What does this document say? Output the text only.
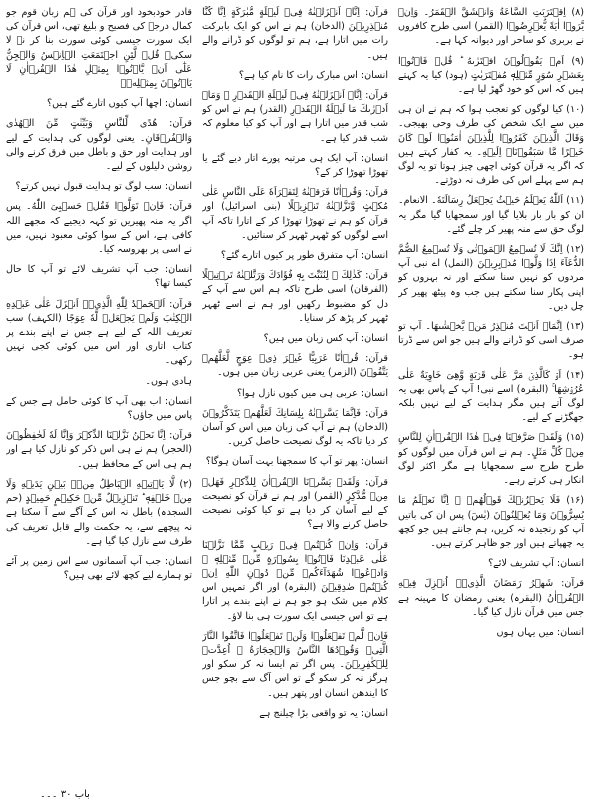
(۸) اِقۡتَرَبَتِ السَّاعَةُ وَانۡشَقَّ الۡقَمَرُ۔ وَاِنۡ يَّرَوۡا اٰيَةً يُّعۡرِضُوۡا (القمر) اسی طرح کافروں نے بربری کو ساحر اور دیوانہ کہا ہے۔

(۹) اَمۡ يَقُوۡلُوۡنَ افۡتَرٰىهُ ؕ قُلۡ فَاۡتُوۡا بِعَشۡرِ سُوَرٍ مِّثۡلِهٖ مُفۡتَرَيٰتٍ (ہود) کیا یہ کہتے ہیں کہ اس کو خود گھڑ لیا ہے۔

(۱۰) کیا لوگوں کو تعجب ہوا کہ ہم نے ان ہی میں سے ایک شخص کی طرف وحی بھیجی۔ وَقَالَ الَّذِيۡنَ كَفَرُوۡا لِلَّذِيۡنَ اٰمَنُوۡا لَوۡ كَانَ خَيۡرًا مَّا سَبَقُوۡنَاۤ اِلَيۡهِ۔ یہ کفار کہتے ہیں کہ اگر یہ قرآن کوئی اچھی چیز ہوتا تو یہ لوگ ہم سے پہلے اس کی طرف نہ دوڑتے۔

(۱۱) اَللّٰهُ يَعۡلَمُ حَيۡثُ يَجۡعَلُ رِسَالَتَهٗ۔ الانعام۔ ان کو بار بار بلایا گیا اور سمجھایا گیا مگر یہ لوگ حق سے منہ پھیر کر چلے گئے۔

(۱۲) اِنَّكَ لَا تُسۡمِعُ الۡمَوۡتٰى وَلَا تُسۡمِعُ الصُّمَّ الدُّعَآءَ اِذَا وَلَّوۡا مُدۡبِرِيۡنَ (النمل) اے نبی آپ مردوں کو نہیں سنا سکتے اور نہ بہروں کو اپنی پکار سنا سکتے ہیں جب وہ پیٹھ پھیر کر چل دیں۔

(۱۳) اِنَّمَاۤ اَنۡتَ مُنۡذِرُ مَنۡ يَّخۡشٰٮهَا۔ آپ تو صرف اسی کو ڈرانے والے ہیں جو اس سے ڈرتا ہو۔

(۱۴) اَوۡ كَالَّذِىۡ مَرَّ عَلٰى قَرۡيَةٍ وَّهِىَ خَاوِيَةٌ عَلٰى عُرُوۡشِهَا ۚ (البقرہ) اسے نبی! آپ کے پاس بھی یہ لوگ آتے ہیں مگر ہدایت کے لیے نہیں بلکہ جھگڑنے کے لیے۔

(۱۵) وَلَقَدۡ صَرَّفۡنَا فِىۡ هٰذَا الۡقُرۡاٰنِ لِلنَّاسِ مِنۡ كُلِّ مَثَلٍ۔ ہم نے اس قرآن میں لوگوں کو طرح طرح سے سمجھایا ہے مگر اکثر لوگ انکار ہی کرتے رہے۔

(۱۶) فَلَا يَحۡزُنۡكَ قَوۡلُهُمۡ ۘ اِنَّا نَعۡلَمُ مَا يُسِرُّوۡنَ وَمَا يُعۡلِنُوۡنَ (یٰسٓ) پس ان کی باتیں آپ کو رنجیدہ نہ کریں، ہم جانتے ہیں جو کچھ یہ چھپاتے ہیں اور جو ظاہر کرتے ہیں۔

انسان: آپ تشریف لائے؟

قرآن: شَهۡرُ رَمَضَانَ الَّذِىۡۤ اُنۡزِلَ فِيۡهِ الۡقُرۡاٰنُ (البقرہ) یعنی رمضان کا مہینہ ہے جس میں قرآن نازل کیا گیا۔

انسان: میں یہاں ہوں

قرآن: اِنَّاۤ اَنۡزَلۡنٰهُ فِىۡ لَيۡلَةٍ مُّبٰرَكَةٍ اِنَّا كُنَّا مُنۡذِرِيۡنَ (الدخان) ہم نے اس کو ایک بابرکت رات میں اتارا ہے، ہم تو لوگوں کو ڈرانے والے ہیں۔

انسان: اس مبارک رات کا نام کیا ہے؟

قرآن: اِنَّاۤ اَنۡزَلۡنٰهُ فِىۡ لَيۡلَةِ الۡقَدۡرِ ۚ وَمَاۤ اَدۡرٰٮكَ مَا لَيۡلَةُ الۡقَدۡرِ (القدر) ہم نے اس کو شب قدر میں اتارا ہے اور آپ کو کیا معلوم کہ شب قدر کیا ہے۔

انسان: آپ ایک ہی مرتبہ پورے اتار دیے گئے یا تھوڑا تھوڑا کر کے؟

قرآن: وَقُرۡاٰنًا فَرَقۡنٰهُ لِتَقۡرَاَهٗ عَلَى النَّاسِ عَلٰى مُكۡثٍ وَّنَزَّلۡنٰهُ تَنۡزِيۡلًا (بنی اسرائیل) اور قرآن کو ہم نے تھوڑا تھوڑا کر کے اتارا تاکہ آپ اسے لوگوں کو ٹھہر ٹھہر کر سنائیں۔

انسان: آپ متفرق طور پر کیوں اتارے گئے؟

قرآن: كَذٰلِكَ ۚ لِنُثَبِّتَ بِهٖ فُؤَادَكَ وَرَتَّلۡنٰهُ تَرۡتِيۡلًا (الفرقان) اسی طرح تاکہ ہم اس سے آپ کے دل کو مضبوط رکھیں اور ہم نے اسے ٹھہر ٹھہر کر پڑھ کر سنایا۔

انسان: آپ کس زبان میں ہیں؟

قرآن: قُرۡاٰنًا عَرَبِيًّا غَيۡرَ ذِىۡ عِوَجٍ لَّعَلَّهُمۡ يَتَّقُوۡنَ (الزمر) یعنی عربی زبان میں ہوں۔

انسان: عربی ہی میں کیوں نازل ہوا؟

قرآن: فَاِنَّمَا يَسَّرۡنٰهُ بِلِسَانِكَ لَعَلَّهُمۡ يَتَذَكَّرُوۡنَ (الدخان) ہم نے آپ کی زبان میں اس کو آسان کر دیا تاکہ یہ لوگ نصیحت حاصل کریں۔

انسان: پھر تو آپ کا سمجھنا بہت آسان ہوگا؟

قرآن: وَلَقَدۡ يَسَّرۡنَا الۡقُرۡاٰنَ لِلذِّكۡرِ فَهَلۡ مِنۡ مُّدَّكِرٍ (القمر) اور ہم نے قرآن کو نصیحت کے لیے آسان کر دیا ہے تو کیا کوئی نصیحت حاصل کرنے والا ہے؟

قرآن: وَاِنۡ كُنۡتُمۡ فِىۡ رَيۡبٍ مِّمَّا نَزَّلۡنَا عَلٰى عَبۡدِنَا فَاۡتُوۡا بِسُوۡرَةٍ مِّنۡ مِّثۡلِهٖ ۖ وَادۡعُوۡا شُهَدَآءَكُمۡ مِّنۡ دُوۡنِ اللّٰهِ اِنۡ كُنۡتُمۡ صٰدِقِيۡنَ (البقرہ) اور اگر تمہیں اس کلام میں شک ہو جو ہم نے اپنے بندے پر اتارا ہے تو اس جیسی ایک سورت ہی بنا لاؤ۔

فَاِنۡ لَّمۡ تَفۡعَلُوۡا وَلَنۡ تَفۡعَلُوۡا فَاتَّقُوا النَّارَ الَّتِىۡ وَقُوۡدُهَا النَّاسُ وَالۡحِجَارَةُ ۖ اُعِدَّتۡ لِلۡكٰفِرِيۡنَ۔ پس اگر تم ایسا نہ کر سکو اور ہرگز نہ کر سکو گے تو اس آگ سے بچو جس کا ایندھن انسان اور پتھر ہیں۔

انسان: یہ تو واقعی بڑا چیلنج ہے

قادر خودبخود اور قرآن کی ہم زبان قوم جو کمال درجہ کی فصیح و بلیغ تھی، اس قرآن کی ایک سورت جیسی کوئی سورت بنا کر نہ لا سکی۔ قُلۡ لَّئِنِ اجۡتَمَعَتِ الۡاِنۡسُ وَالۡجِنُّ عَلٰٓى اَنۡ يَّاۡتُوۡا بِمِثۡلِ هٰذَا الۡقُرۡاٰنِ لَا يَاۡتُوۡنَ بِمِثۡلِهٖ۔

انسان: اچھا آپ کیوں اتارے گئے ہیں؟

قرآن: هُدًى لِّلنَّاسِ وَبَيِّنٰتٍ مِّنَ الۡهُدٰى وَالۡفُرۡقَانِ۔ یعنی لوگوں کی ہدایت کے لیے اور ہدایت اور حق و باطل میں فرق کرنے والی روشن دلیلوں کے لیے۔

انسان: سب لوگ تو ہدایت قبول نہیں کرتے؟

قرآن: فَاِنۡ تَوَلَّوۡا فَقُلۡ حَسۡبِىَ اللّٰهُ۔ پس اگر یہ منہ پھیریں تو کہہ دیجیے کہ مجھے اللہ کافی ہے، اس کے سوا کوئی معبود نہیں، میں نے اسی پر بھروسہ کیا۔

انسان: جب آپ تشریف لائے تو آپ کا حال کیسا تھا؟

قرآن: اَلۡحَمۡدُ لِلّٰهِ الَّذِىۡۤ اَنۡزَلَ عَلٰى عَبۡدِهِ الۡكِتٰبَ وَلَمۡ يَجۡعَلۡ لَّهٗ عِوَجًا (الکہف) سب تعریف اللہ کے لیے ہے جس نے اپنے بندے پر کتاب اتاری اور اس میں کوئی کجی نہیں رکھی۔

ہادی ہوں۔

انسان: اب بھی آپ کا کوئی حامل ہے جس کے پاس میں جاؤں؟

قرآن: اِنَّا نَحۡنُ نَزَّلۡنَا الذِّكۡرَ وَاِنَّا لَهٗ لَحٰفِظُوۡنَ (الحجر) ہم نے ہی اس ذکر کو نازل کیا ہے اور ہم ہی اس کے محافظ ہیں۔

(۲) لَّا يَاۡتِيۡهِ الۡبَاطِلُ مِنۡۢ بَيۡنِ يَدَيۡهِ وَلَا مِنۡ خَلۡفِهٖ ؕ تَنۡزِيۡلٌ مِّنۡ حَكِيۡمٍ حَمِيۡدٍ (حم السجدہ) باطل نہ اس کے آگے سے آ سکتا ہے نہ پیچھے سے، یہ حکمت والے قابل تعریف کی طرف سے نازل کیا گیا ہے۔

انسان: جب آپ آسمانوں سے اس زمین پر آئے تو ہمارے لیے کچھ لائے بھی ہیں؟

باب ۳۰ ۔۔۔
